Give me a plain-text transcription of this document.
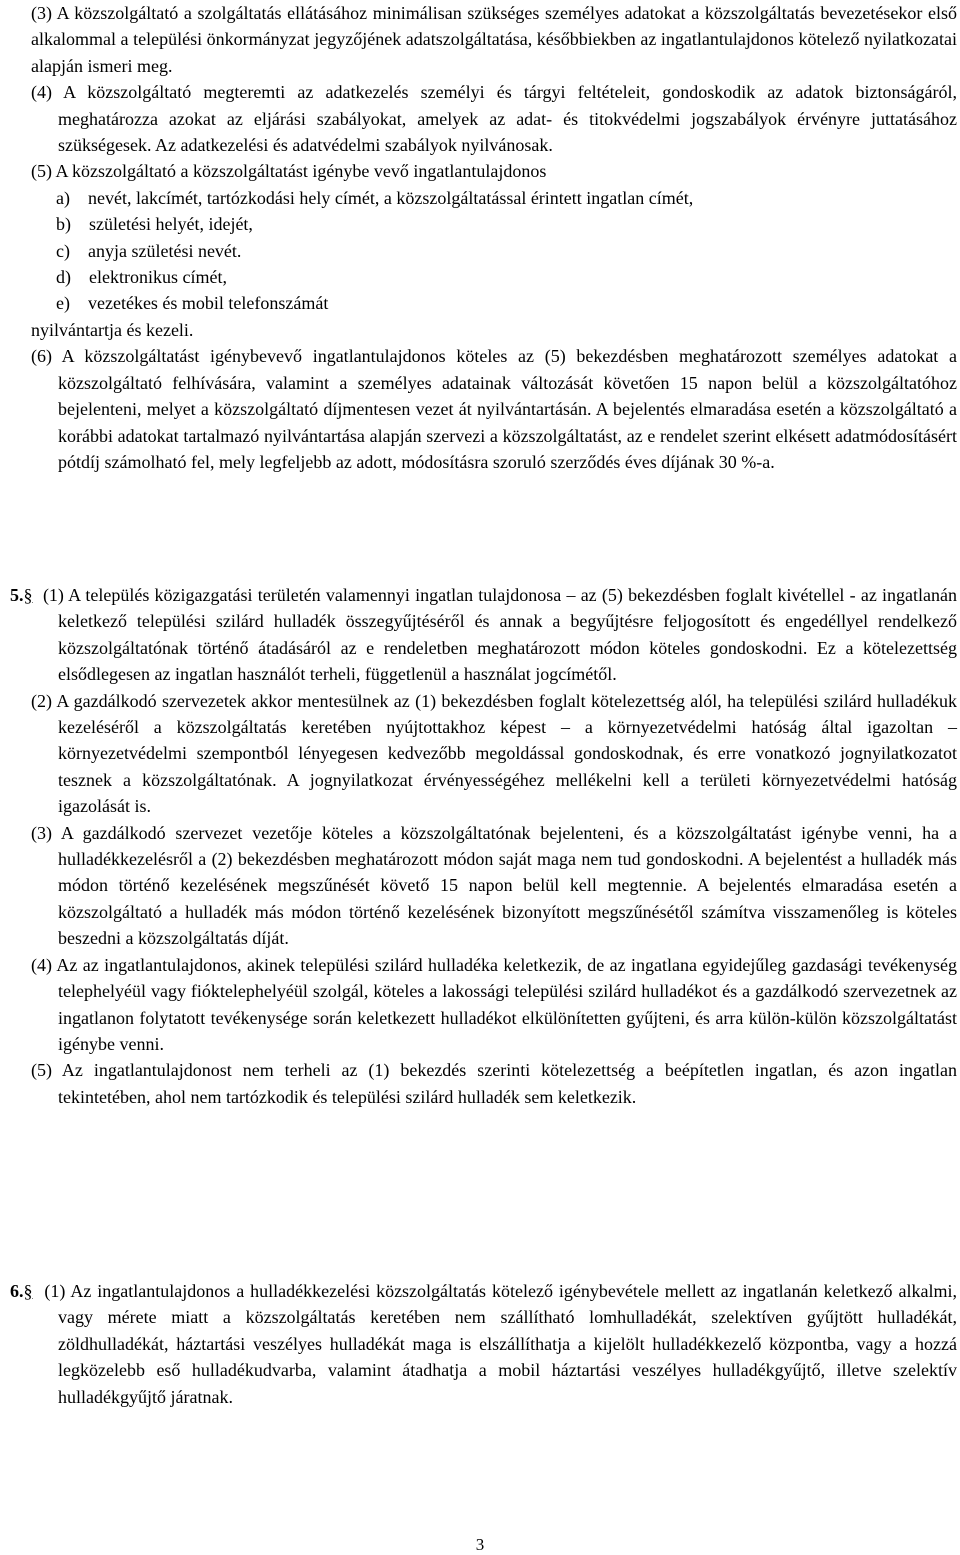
(3) A közszolgáltató a szolgáltatás ellátásához minimálisan szükséges személyes adatokat a közszolgáltatás bevezetésekor első alkalommal a települési önkormányzat jegyzőjének adatszolgáltatása, későbbiekben az ingatlantulajdonos kötelező nyilatkozatai alapján ismeri meg.

(4) A közszolgáltató megteremti az adatkezelés személyi és tárgyi feltételeit, gondoskodik az adatok biztonságáról, meghatározza azokat az eljárási szabályokat, amelyek az adat- és titokvédelmi jogszabályok érvényre juttatásához szükségesek. Az adatkezelési és adatvédelmi szabályok nyilvánosak.

(5) A közszolgáltató a közszolgáltatást igénybe vevő ingatlantulajdonos

a) nevét, lakcímét, tartózkodási hely címét, a közszolgáltatással érintett ingatlan címét,
b) születési helyét, idejét,
c) anyja születési nevét.
d) elektronikus címét,
e) vezetékes és mobil telefonszámát

nyilvántartja és kezeli.

(6) A közszolgáltatást igénybevevő ingatlantulajdonos köteles az (5) bekezdésben meghatározott személyes adatokat a közszolgáltató felhívására, valamint a személyes adatainak változását követően 15 napon belül a közszolgáltatóhoz bejelenteni, melyet a közszolgáltató díjmentesen vezet át nyilvántartásán. A bejelentés elmaradása esetén a közszolgáltató a korábbi adatokat tartalmazó nyilvántartása alapján szervezi a közszolgáltatást, az e rendelet szerint elkésett adatmódosításért pótdíj számolható fel, mely legfeljebb az adott, módosításra szoruló szerződés éves díjának 30 %-a.

5.§ (1) A település közigazgatási területén valamennyi ingatlan tulajdonosa – az (5) bekezdésben foglalt kivétellel - az ingatlanán keletkező települési szilárd hulladék összegyűjtéséről és annak a begyűjtésre feljogosított és engedéllyel rendelkező közszolgáltatónak történő átadásáról az e rendeletben meghatározott módon köteles gondoskodni. Ez a kötelezettség elsődlegesen az ingatlan használót terheli, függetlenül a használat jogcímétől.

(2) A gazdálkodó szervezetek akkor mentesülnek az (1) bekezdésben foglalt kötelezettség alól, ha települési szilárd hulladékuk kezeléséről a közszolgáltatás keretében nyújtottakhoz képest – a környezetvédelmi hatóság által igazoltan – környezetvédelmi szempontból lényegesen kedvezőbb megoldással gondoskodnak, és erre vonatkozó jognyilatkozatot tesznek a közszolgáltatónak. A jognyilatkozat érvényességéhez mellékelni kell a területi környezetvédelmi hatóság igazolását is.

(3) A gazdálkodó szervezet vezetője köteles a közszolgáltatónak bejelenteni, és a közszolgáltatást igénybe venni, ha a hulladékkezelésről a (2) bekezdésben meghatározott módon saját maga nem tud gondoskodni. A bejelentést a hulladék más módon történő kezelésének megszűnését követő 15 napon belül kell megtennie. A bejelentés elmaradása esetén a közszolgáltató a hulladék más módon történő kezelésének bizonyított megszűnésétől számítva visszamenőleg is köteles beszedni a közszolgáltatás díját.

(4) Az az ingatlantulajdonos, akinek települési szilárd hulladéka keletkezik, de az ingatlana egyidejűleg gazdasági tevékenység telephelyéül vagy fióktelephelyéül szolgál, köteles a lakossági települési szilárd hulladékot és a gazdálkodó szervezetnek az ingatlanon folytatott tevékenysége során keletkezett hulladékot elkülönítetten gyűjteni, és arra külön-külön közszolgáltatást igénybe venni.

(5) Az ingatlantulajdonost nem terheli az (1) bekezdés szerinti kötelezettség a beépítetlen ingatlan, és azon ingatlan tekintetében, ahol nem tartózkodik és települési szilárd hulladék sem keletkezik.

6.§ (1) Az ingatlantulajdonos a hulladékkezelési közszolgáltatás kötelező igénybevétele mellett az ingatlanán keletkező alkalmi, vagy mérete miatt a közszolgáltatás keretében nem szállítható lomhulladékát, szelektíven gyűjtött hulladékát, zöldhulladékát, háztartási veszélyes hulladékát maga is elszállíthatja a kijelölt hulladékkezelő központba, vagy a hozzá legközelebb eső hulladékudvarba, valamint átadhatja a mobil háztartási veszélyes hulladékgyűjtő, illetve szelektív hulladékgyűjtő járatnak.
3
